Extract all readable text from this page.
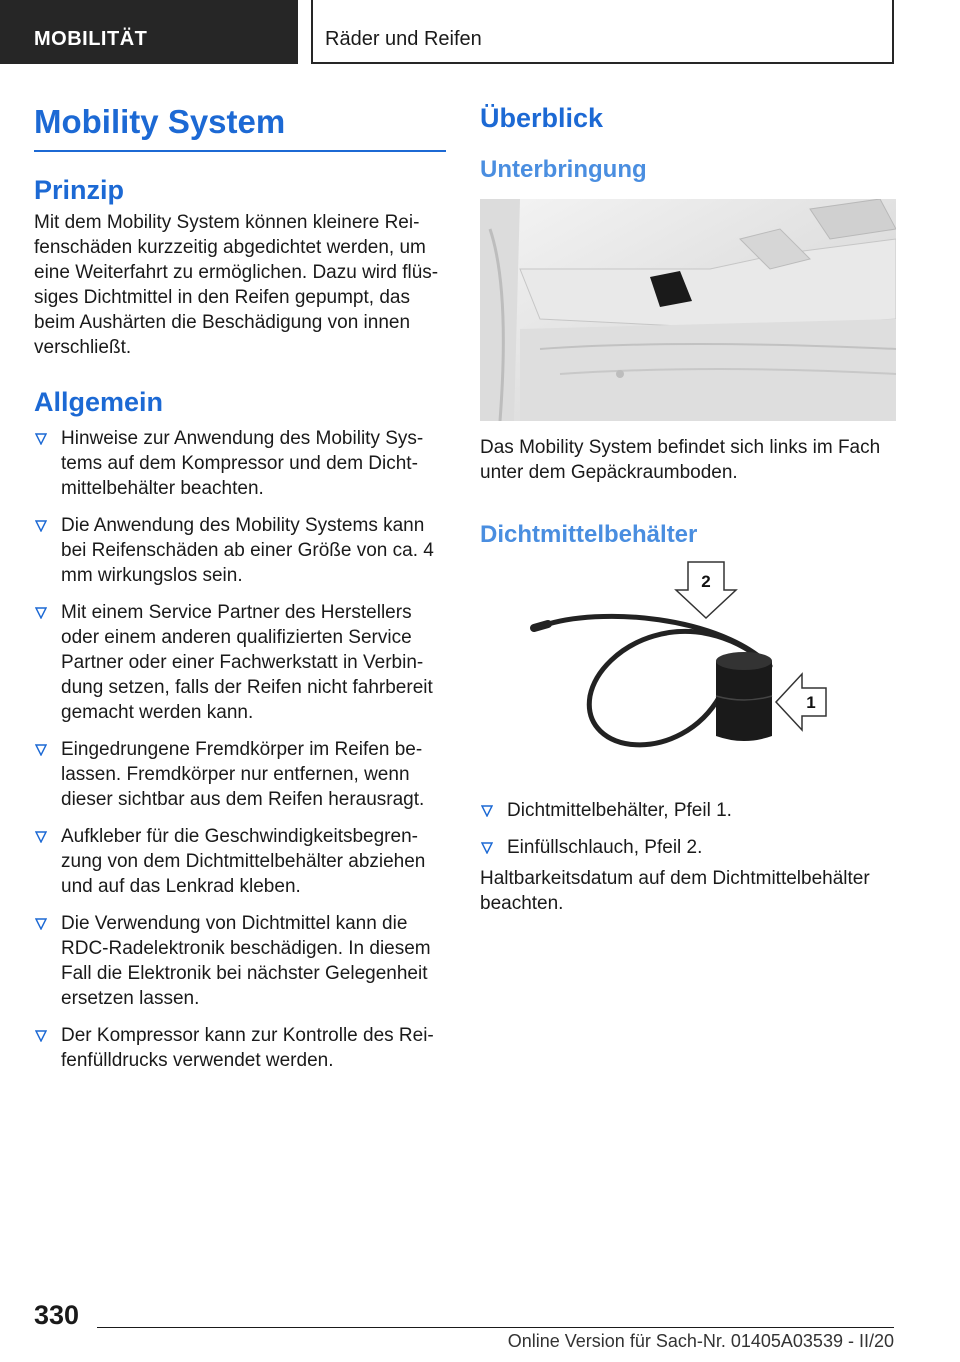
MOBILITÄT	Räder und Reifen
Mobility System
Prinzip

Mit dem Mobility System können kleinere Rei-fenschäden kurzzeitig abgedichtet werden, um eine Weiterfahrt zu ermöglichen. Dazu wird flüs-siges Dichtmittel in den Reifen gepumpt, das beim Aushärten die Beschädigung von innen verschließt.

Allgemein
Hinweise zur Anwendung des Mobility Sys-tems auf dem Kompressor und dem Dicht-mittelbehälter beachten.
Die Anwendung des Mobility Systems kann bei Reifenschäden ab einer Größe von ca. 4 mm wirkungslos sein.
Mit einem Service Partner des Herstellers oder einem anderen qualifizierten Service Partner oder einer Fachwerkstatt in Verbin-dung setzen, falls der Reifen nicht fahrbereit gemacht werden kann.
Eingedrungene Fremdkörper im Reifen be-lassen. Fremdkörper nur entfernen, wenn dieser sichtbar aus dem Reifen herausragt.
Aufkleber für die Geschwindigkeitsbegren-zung von dem Dichtmittelbehälter abziehen und auf das Lenkrad kleben.
Die Verwendung von Dichtmittel kann die RDC-Radelektronik beschädigen. In diesem Fall die Elektronik bei nächster Gelegenheit ersetzen lassen.
Der Kompressor kann zur Kontrolle des Rei-fenfülldrucks verwendet werden.
Überblick
Unterbringung

Das Mobility System befindet sich links im Fach unter dem Gepäckraumboden.

Dichtmittelbehälter
2
1
Dichtmittelbehälter, Pfeil 1.
Einfüllschlauch, Pfeil 2.

Haltbarkeitsdatum auf dem Dichtmittelbehälter beachten.

330
Online Version für Sach-Nr. 01405A03539 - II/20
